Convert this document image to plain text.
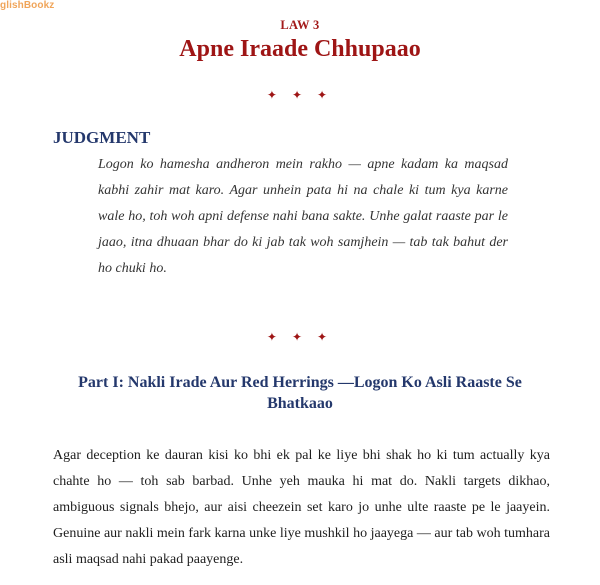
glishBookz
LAW 3
Apne Iraade Chhupaao
✦ ✦ ✦
JUDGMENT
Logon ko hamesha andheron mein rakho — apne kadam ka maqsad kabhi zahir mat karo. Agar unhein pata hi na chale ki tum kya karne wale ho, toh woh apni defense nahi bana sakte. Unhe galat raaste par le jaao, itna dhuaan bhar do ki jab tak woh samjhein — tab tak bahut der ho chuki ho.
✦ ✦ ✦
Part I: Nakli Irade Aur Red Herrings —Logon Ko Asli Raaste Se Bhatkaao
Agar deception ke dauran kisi ko bhi ek pal ke liye bhi shak ho ki tum actually kya chahte ho — toh sab barbad. Unhe yeh mauka hi mat do. Nakli targets dikhao, ambiguous signals bhejo, aur aisi cheezein set karo jo unhe ulte raaste pe le jaayein. Genuine aur nakli mein fark karna unke liye mushkil ho jaayega — aur tab woh tumhara asli maqsad nahi pakad paayenge.
